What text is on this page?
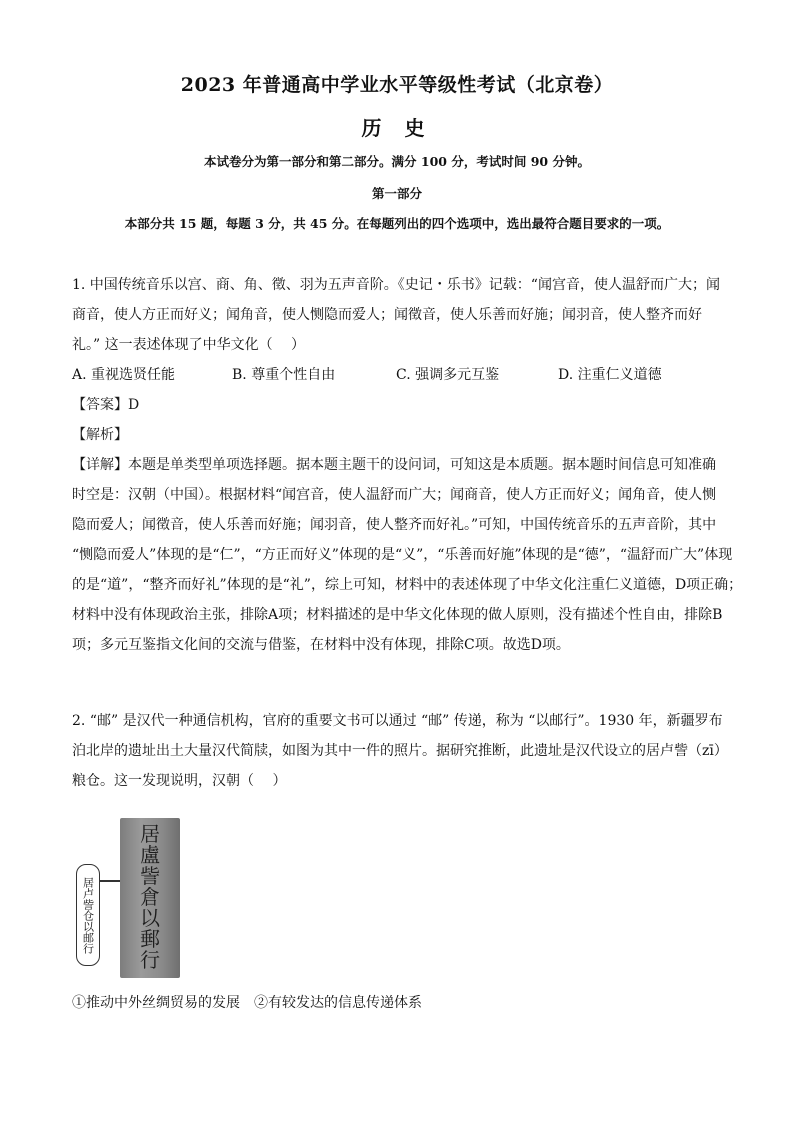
2023 年普通高中学业水平等级性考试（北京卷）
历 史
本试卷分为第一部分和第二部分。满分 100 分，考试时间 90 分钟。
第一部分
本部分共 15 题，每题 3 分，共 45 分。在每题列出的四个选项中，选出最符合题目要求的一项。
1. 中国传统音乐以宫、商、角、徵、羽为五声音阶。《史记・乐书》记载：“闻宫音，使人温舒而广大；闻
商音，使人方正而好义；闻角音，使人恻隐而爱人；闻徵音，使人乐善而好施；闻羽音，使人整齐而好
礼。” 这一表述体现了中华文化（　 ）
A. 重视选贤任能	B. 尊重个性自由	C. 强调多元互鉴	D. 注重仁义道德
【答案】D
【解析】
【详解】本题是单类型单项选择题。据本题主题干的设问词，可知这是本质题。据本题时间信息可知准确
时空是：汉朝（中国）。根据材料“闻宫音，使人温舒而广大；闻商音，使人方正而好义；闻角音，使人恻
隐而爱人；闻徵音，使人乐善而好施；闻羽音，使人整齐而好礼。”可知，中国传统音乐的五声音阶，其中
“恻隐而爱人”体现的是“仁”，“方正而好义”体现的是“义”，“乐善而好施”体现的是“德”，“温舒而广大”体现
的是“道”，“整齐而好礼”体现的是“礼”，综上可知，材料中的表述体现了中华文化注重仁义道德，D项正确；
材料中没有体现政治主张，排除A项；材料描述的是中华文化体现的做人原则，没有描述个性自由，排除B
项；多元互鉴指文化间的交流与借鉴，在材料中没有体现，排除C项。故选D项。
2. “邮” 是汉代一种通信机构，官府的重要文书可以通过 “邮” 传递，称为 “以邮行”。1930 年，新疆罗布
泊北岸的遗址出土大量汉代简牍，如图为其中一件的照片。据研究推断，此遗址是汉代设立的居卢訾（zī）
粮仓。这一发现说明，汉朝（　 ）
居
盧
訾
倉
以
郵
行
居卢訾仓以邮行
①推动中外丝绸贸易的发展　②有较发达的信息传递体系
